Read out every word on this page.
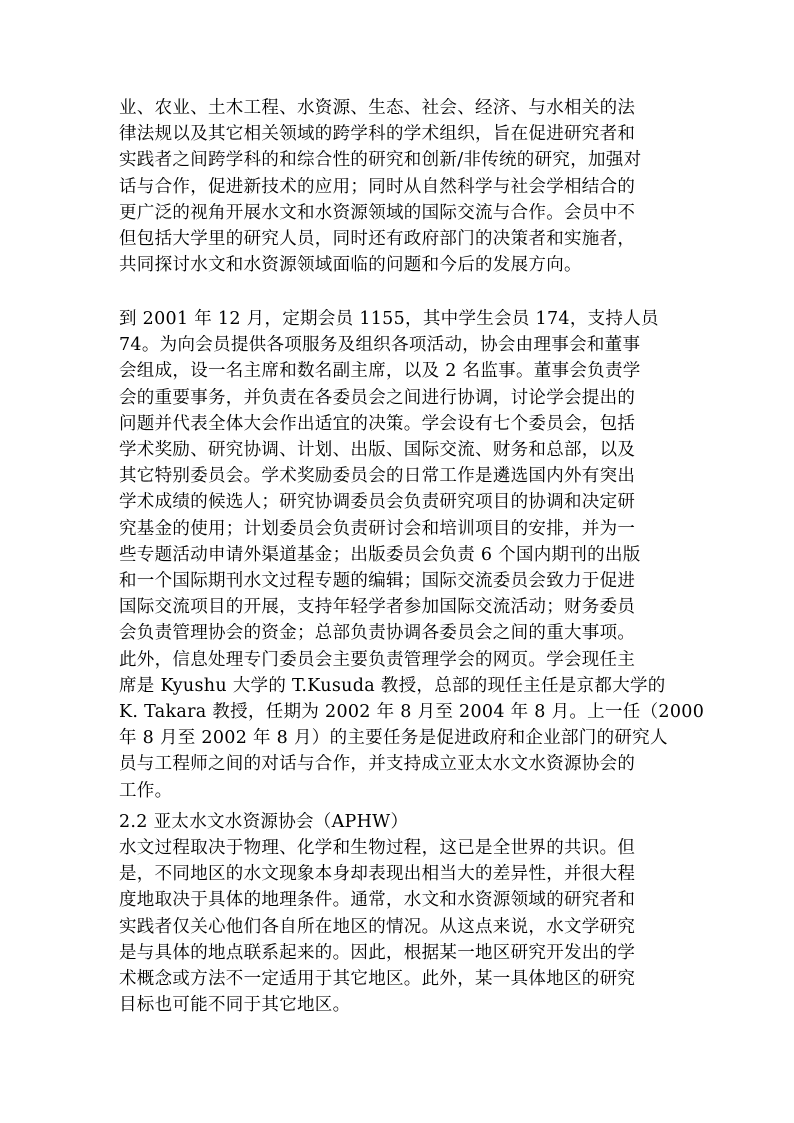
业、农业、土木工程、水资源、生态、社会、经济、与水相关的法
律法规以及其它相关领域的跨学科的学术组织，旨在促进研究者和
实践者之间跨学科的和综合性的研究和创新/非传统的研究，加强对
话与合作，促进新技术的应用；同时从自然科学与社会学相结合的
更广泛的视角开展水文和水资源领域的国际交流与合作。会员中不
但包括大学里的研究人员，同时还有政府部门的决策者和实施者，
共同探讨水文和水资源领域面临的问题和今后的发展方向。
到 2001 年 12 月，定期会员 1155，其中学生会员 174，支持人员
74。为向会员提供各项服务及组织各项活动，协会由理事会和董事
会组成，设一名主席和数名副主席，以及 2 名监事。董事会负责学
会的重要事务，并负责在各委员会之间进行协调，讨论学会提出的
问题并代表全体大会作出适宜的决策。学会设有七个委员会，包括
学术奖励、研究协调、计划、出版、国际交流、财务和总部，以及
其它特别委员会。学术奖励委员会的日常工作是遴选国内外有突出
学术成绩的候选人；研究协调委员会负责研究项目的协调和决定研
究基金的使用；计划委员会负责研讨会和培训项目的安排，并为一
些专题活动申请外渠道基金；出版委员会负责 6 个国内期刊的出版
和一个国际期刊水文过程专题的编辑；国际交流委员会致力于促进
国际交流项目的开展，支持年轻学者参加国际交流活动；财务委员
会负责管理协会的资金；总部负责协调各委员会之间的重大事项。
此外，信息处理专门委员会主要负责管理学会的网页。学会现任主
席是 Kyushu 大学的 T.Kusuda 教授，总部的现任主任是京都大学的
K. Takara 教授，任期为 2002 年 8 月至 2004 年 8 月。上一任（2000
年 8 月至 2002 年 8 月）的主要任务是促进政府和企业部门的研究人
员与工程师之间的对话与合作，并支持成立亚太水文水资源协会的
工作。
2.2 亚太水文水资源协会（APHW）
水文过程取决于物理、化学和生物过程，这已是全世界的共识。但
是，不同地区的水文现象本身却表现出相当大的差异性，并很大程
度地取决于具体的地理条件。通常，水文和水资源领域的研究者和
实践者仅关心他们各自所在地区的情况。从这点来说，水文学研究
是与具体的地点联系起来的。因此，根据某一地区研究开发出的学
术概念或方法不一定适用于其它地区。此外，某一具体地区的研究
目标也可能不同于其它地区。
